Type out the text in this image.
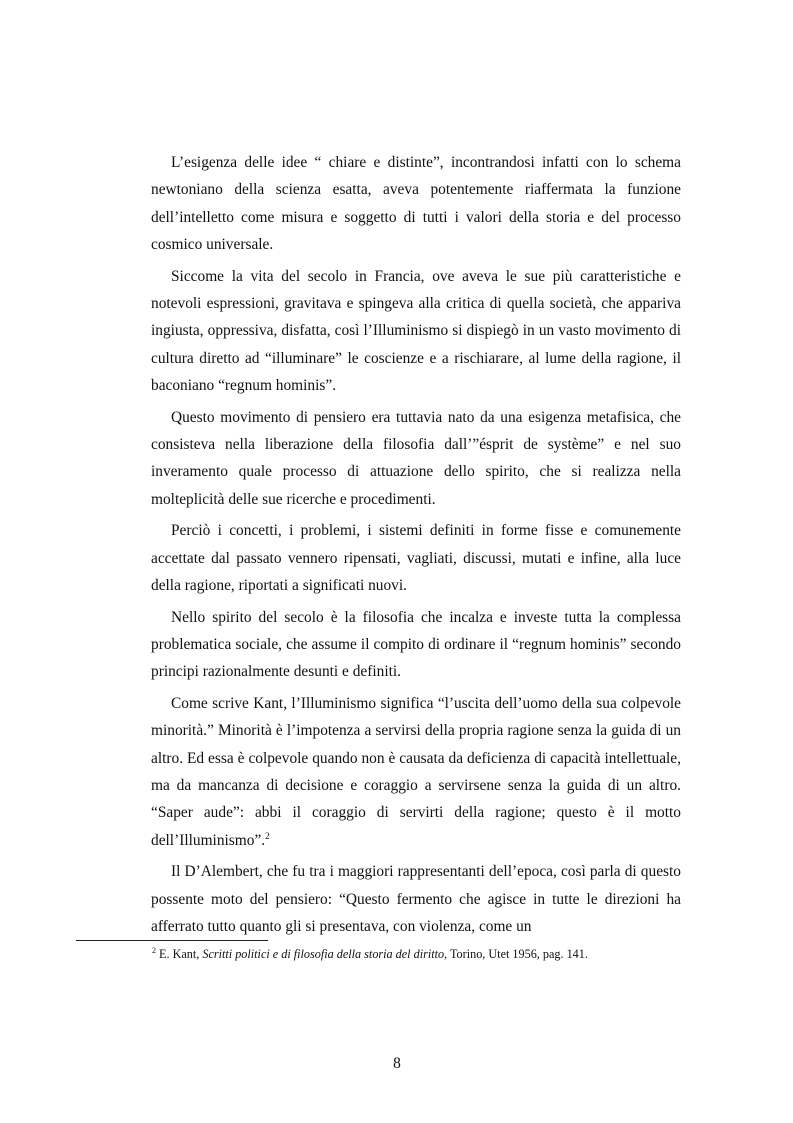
L’esigenza delle idee “ chiare e distinte”, incontrandosi infatti con lo schema newtoniano della scienza esatta, aveva potentemente riaffermata la funzione dell’intelletto come misura e soggetto di tutti i valori della storia e del processo cosmico universale.

Siccome la vita del secolo in Francia, ove aveva le sue più caratteristiche e notevoli espressioni, gravitava e spingeva alla critica di quella società, che appariva ingiusta, oppressiva, disfatta, così l’Illuminismo si dispiegò in un vasto movimento di cultura diretto ad “illuminare” le coscienze e a rischiarare, al lume della ragione, il baconiano “regnum hominis”.

Questo movimento di pensiero era tuttavia nato da una esigenza metafisica, che consisteva nella liberazione della filosofia dall’”ésprit de système” e nel suo inveramento quale processo di attuazione dello spirito, che si realizza nella molteplicità delle sue ricerche e procedimenti.

Perciò i concetti, i problemi, i sistemi definiti in forme fisse e comunemente accettate dal passato vennero ripensati, vagliati, discussi, mutati e infine, alla luce della ragione, riportati a significati nuovi.

Nello spirito del secolo è la filosofia che incalza e investe tutta la complessa problematica sociale, che assume il compito di ordinare il “regnum hominis” secondo principi razionalmente desunti e definiti.

Come scrive Kant, l’Illuminismo significa “l’uscita dell’uomo della sua colpevole minorità.” Minorità è l’impotenza a servirsi della propria ragione senza la guida di un altro. Ed essa è colpevole quando non è causata da deficienza di capacità intellettuale, ma da mancanza di decisione e coraggio a servirsene senza la guida di un altro. “Saper aude”: abbi il coraggio di servirti della ragione; questo è il motto dell’Illuminismo”.$^2$

Il D’Alembert, che fu tra i maggiori rappresentanti dell’epoca, così parla di questo possente moto del pensiero: “Questo fermento che agisce in tutte le direzioni ha afferrato tutto quanto gli si presentava, con violenza, come un

$^2$ E. Kant, Scritti politici e di filosofia della storia del diritto, Torino, Utet 1956, pag. 141.
8
